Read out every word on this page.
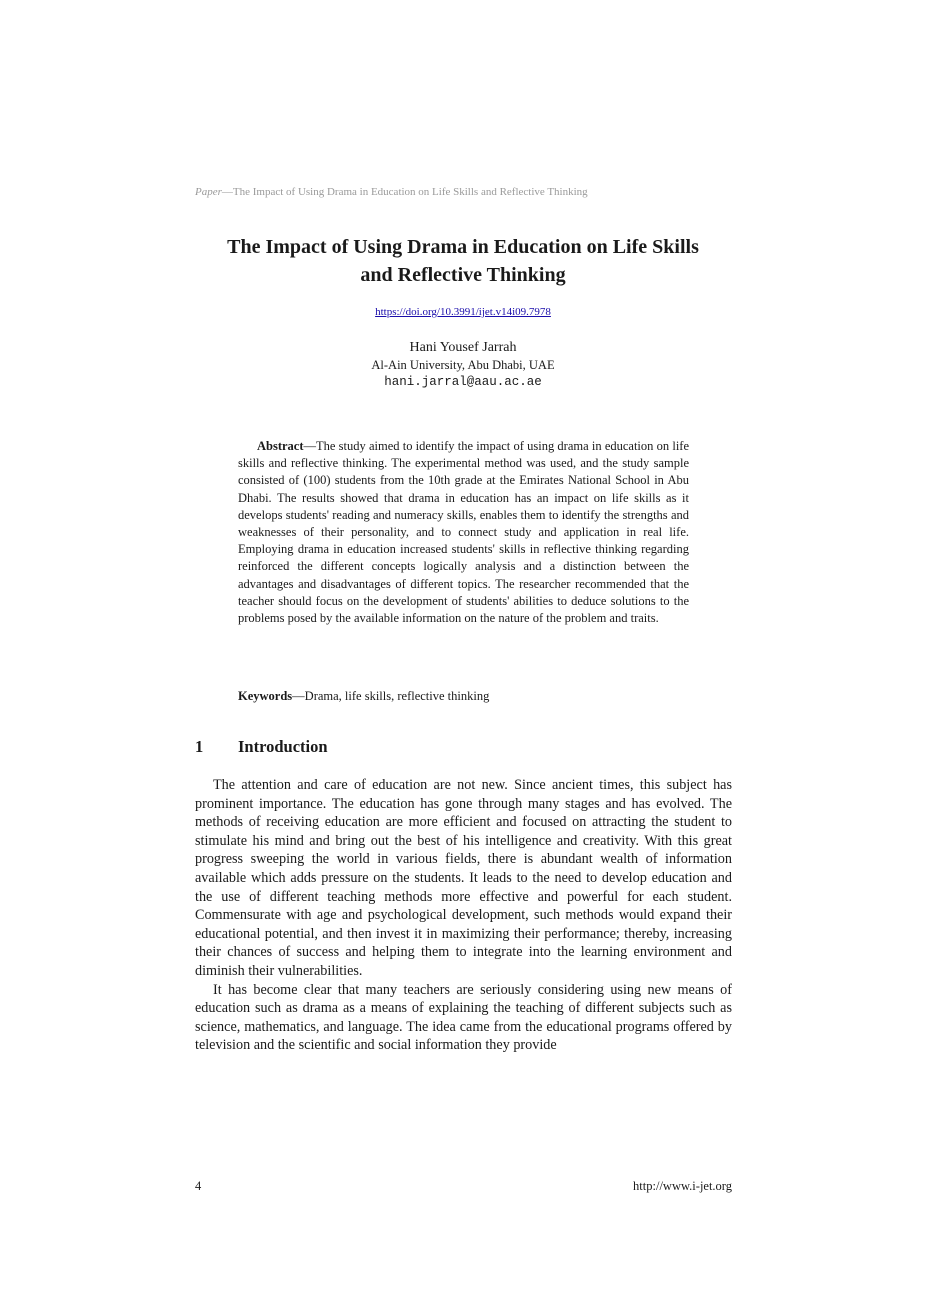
Paper—The Impact of Using Drama in Education on Life Skills and Reflective Thinking
The Impact of Using Drama in Education on Life Skills
and Reflective Thinking
https://doi.org/10.3991/ijet.v14i09.7978
Hani Yousef Jarrah
Al-Ain University, Abu Dhabi, UAE
hani.jarral@aau.ac.ae

Abstract—The study aimed to identify the impact of using drama in education on life skills and reflective thinking. The experimental method was used, and the study sample consisted of (100) students from the 10th grade at the Emirates National School in Abu Dhabi. The results showed that drama in education has an impact on life skills as it develops students' reading and numeracy skills, enables them to identify the strengths and weaknesses of their personality, and to connect study and application in real life. Employing drama in education increased students' skills in reflective thinking regarding reinforced the different concepts logically analysis and a distinction between the advantages and disadvantages of different topics. The researcher recommended that the teacher should focus on the development of students' abilities to deduce solutions to the problems posed by the available information on the nature of the problem and traits.

Keywords—Drama, life skills, reflective thinking

1 Introduction

The attention and care of education are not new. Since ancient times, this subject has prominent importance. The education has gone through many stages and has evolved. The methods of receiving education are more efficient and focused on attracting the student to stimulate his mind and bring out the best of his intelligence and creativity. With this great progress sweeping the world in various fields, there is abundant wealth of information available which adds pressure on the students. It leads to the need to develop education and the use of different teaching methods more effective and powerful for each student. Commensurate with age and psychological development, such methods would expand their educational potential, and then invest it in maximizing their performance; thereby, increasing their chances of success and helping them to integrate into the learning environment and diminish their vulnerabilities.

It has become clear that many teachers are seriously considering using new means of education such as drama as a means of explaining the teaching of different subjects such as science, mathematics, and language. The idea came from the educational programs offered by television and the scientific and social information they provide

4	http://www.i-jet.org
